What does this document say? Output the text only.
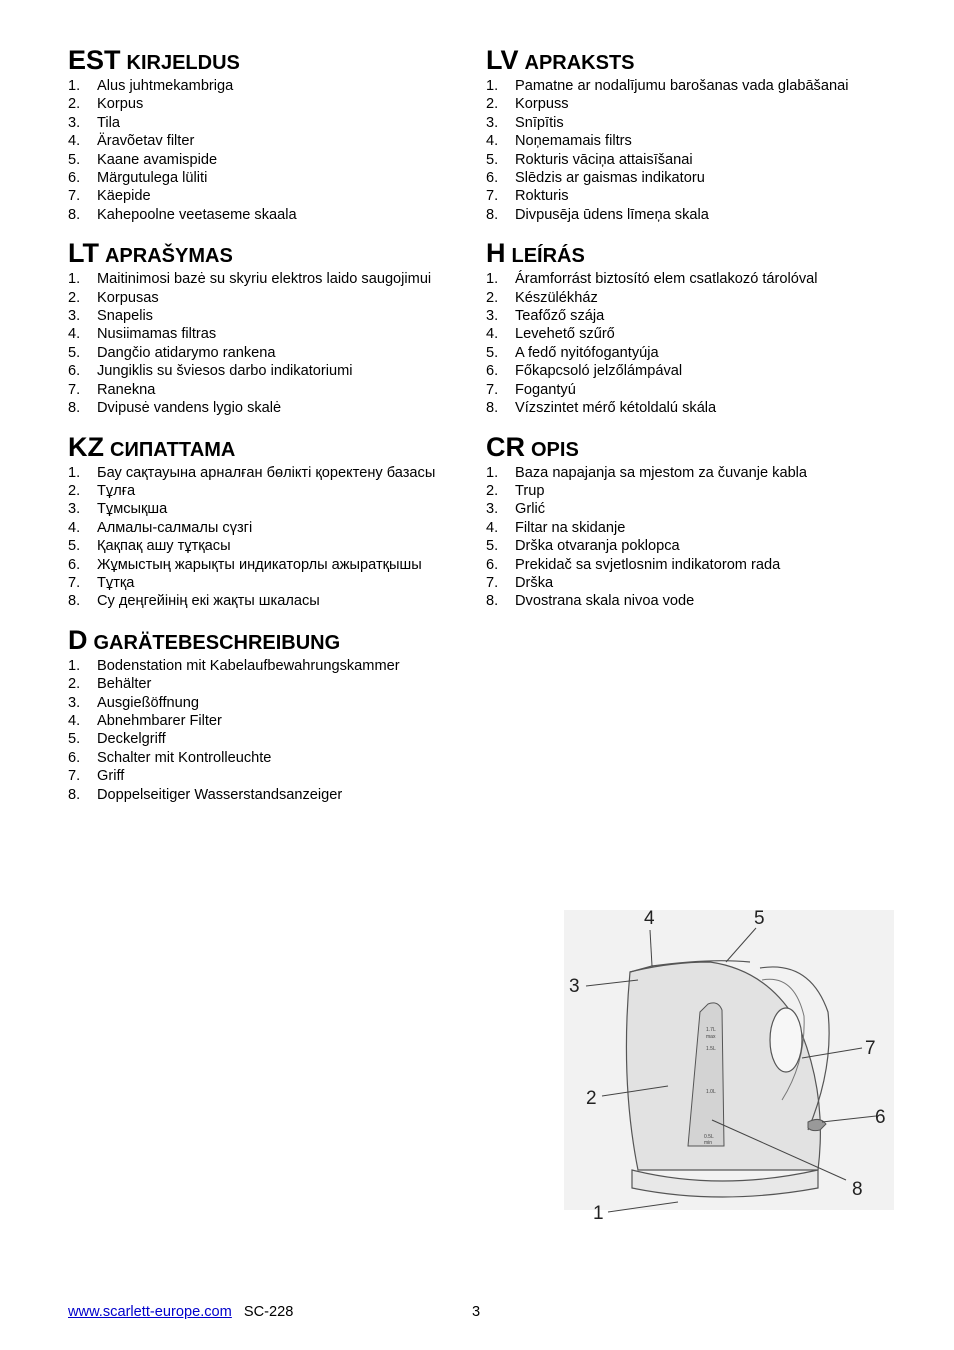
EST KIRJELDUS
1. Alus juhtmekambriga
2. Korpus
3. Tila
4. Äravõetav filter
5. Kaane avamispide
6. Märgutulega lüliti
7. Käepide
8. Kahepoolne veetaseme skaala
LT APRAŠYMAS
1. Maitinimosi bazė su skyriu elektros laido saugojimui
2. Korpusas
3. Snapelis
4. Nusiimamas filtras
5. Dangčio atidarymo rankena
6. Jungiklis su šviesos darbo indikatoriumi
7. Ranekna
8. Dvipusė vandens lygio skalė
KZ СИПАТТАМА
1. Бау сақтауына арналған бөлікті қоректену базасы
2. Тұлға
3. Тұмсықша
4. Алмалы-салмалы сүзгі
5. Қақпақ ашу тұтқасы
6. Жұмыстың жарықты индикаторлы ажыратқышы
7. Тұтқа
8. Су деңгейінің екі жақты шкаласы
D GARÄTEBESCHREIBUNG
1. Bodenstation mit Kabelaufbewahrungskammer
2. Behälter
3. Ausgießöffnung
4. Abnehmbarer Filter
5. Deckelgriff
6. Schalter mit Kontrolleuchte
7. Griff
8. Doppelseitiger Wasserstandsanzeiger
LV APRAKSTS
1. Pamatne ar nodalījumu barošanas vada glabāšanai
2. Korpuss
3. Snīpītis
4. Noņemamais filtrs
5. Rokturis vāciņa attaisīšanai
6. Slēdzis ar gaismas indikatoru
7. Rokturis
8. Divpusēja ūdens līmeņa skala
H LEÍRÁS
1. Áramforrást biztosító elem csatlakozó tárolóval
2. Készülékház
3. Teafőző szája
4. Levehető szűrő
5. A fedő nyitófogantyúja
6. Főkapcsoló jelzőlámpával
7. Fogantyú
8. Vízszintet mérő kétoldalú skála
CR OPIS
1. Baza napajanja sa mjestom za čuvanje kabla
2. Trup
3. Grlić
4. Filtar na skidanje
5. Drška otvaranja poklopca
6. Prekidač sa svjetlosnim indikatorom rada
7. Drška
8. Dvostrana skala nivoa vode
1.7L
max
1.5L
1.0L
0.5L
min
1
2
3
4	5
6
7
8
www.scarlett-europe.com SC-228	3
